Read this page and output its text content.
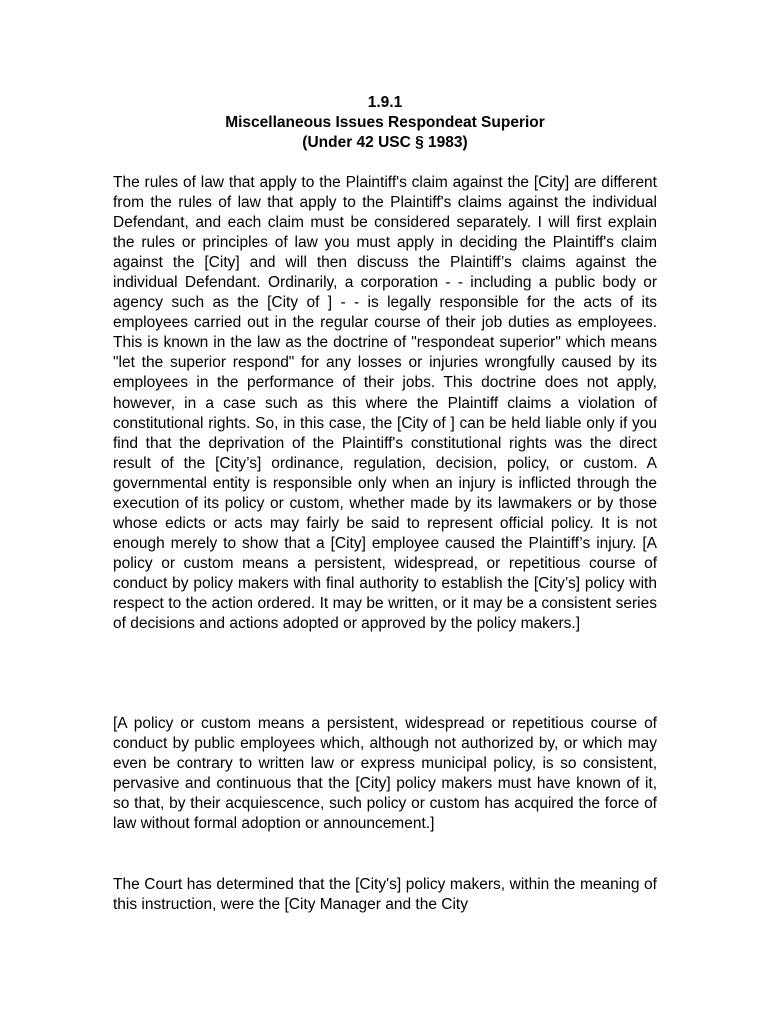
1.9.1
Miscellaneous Issues Respondeat Superior
(Under 42 USC § 1983)

The rules of law that apply to the Plaintiff's claim against the [City] are different from the rules of law that apply to the Plaintiff's claims against the individual Defendant, and each claim must be considered separately. I will first explain the rules or principles of law you must apply in deciding the Plaintiff's claim against the [City] and will then discuss the Plaintiff’s claims against the individual Defendant. Ordinarily, a corporation - - including a public body or agency such as the [City of ] - - is legally responsible for the acts of its employees carried out in the regular course of their job duties as employees. This is known in the law as the doctrine of "respondeat superior" which means "let the superior respond" for any losses or injuries wrongfully caused by its employees in the performance of their jobs. This doctrine does not apply, however, in a case such as this where the Plaintiff claims a violation of constitutional rights. So, in this case, the [City of ] can be held liable only if you find that the deprivation of the Plaintiff's constitutional rights was the direct result of the [City’s] ordinance, regulation, decision, policy, or custom. A governmental entity is responsible only when an injury is inflicted through the execution of its policy or custom, whether made by its lawmakers or by those whose edicts or acts may fairly be said to represent official policy. It is not enough merely to show that a [City] employee caused the Plaintiff’s injury. [A policy or custom means a persistent, widespread, or repetitious course of conduct by policy makers with final authority to establish the [City’s] policy with respect to the action ordered. It may be written, or it may be a consistent series of decisions and actions adopted or approved by the policy makers.]

[A policy or custom means a persistent, widespread or repetitious course of conduct by public employees which, although not authorized by, or which may even be contrary to written law or express municipal policy, is so consistent, pervasive and continuous that the [City] policy makers must have known of it, so that, by their acquiescence, such policy or custom has acquired the force of law without formal adoption or announcement.]

The Court has determined that the [City's] policy makers, within the meaning of this instruction, were the [City Manager and the City
